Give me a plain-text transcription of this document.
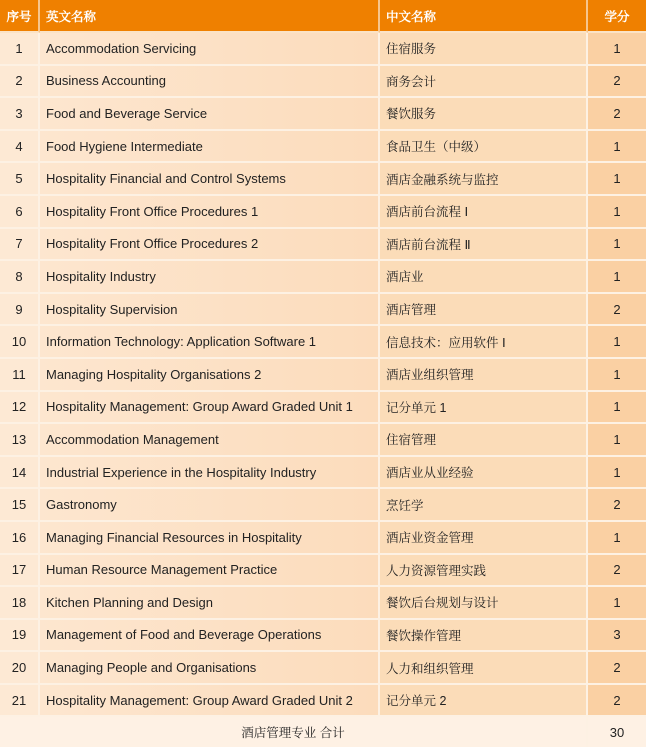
序号	英文名称	中文名称	学分
1	Accommodation Servicing	住宿服务	1
2	Business Accounting	商务会计	2
3	Food and Beverage Service	餐饮服务	2
4	Food Hygiene Intermediate	食品卫生（中级）	1
5	Hospitality Financial and Control Systems	酒店金融系统与监控	1
6	Hospitality Front Office Procedures 1	酒店前台流程 Ⅰ	1
7	Hospitality Front Office Procedures 2	酒店前台流程 Ⅱ	1
8	Hospitality Industry	酒店业	1
9	Hospitality Supervision	酒店管理	2
10	Information Technology: Application Software 1	信息技术：应用软件 Ⅰ	1
11	Managing Hospitality Organisations 2	酒店业组织管理	1
12	Hospitality Management: Group Award Graded Unit 1	记分单元 1	1
13	Accommodation Management	住宿管理	1
14	Industrial Experience in the Hospitality Industry	酒店业从业经验	1
15	Gastronomy	烹饪学	2
16	Managing Financial Resources in Hospitality	酒店业资金管理	1
17	Human Resource Management Practice	人力资源管理实践	2
18	Kitchen Planning and Design	餐饮后台规划与设计	1
19	Management of Food and Beverage Operations	餐饮操作管理	3
20	Managing People and Organisations	人力和组织管理	2
21	Hospitality Management: Group Award Graded Unit 2	记分单元 2	2
酒店管理专业 合计			30
